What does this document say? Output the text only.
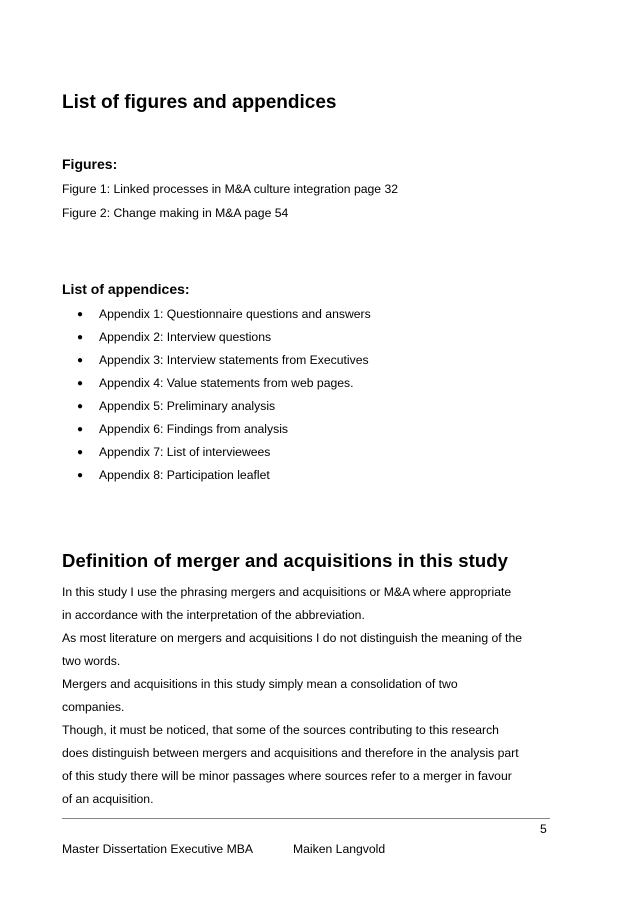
List of figures and appendices
Figures:
Figure 1: Linked processes in M&A culture integration page 32
Figure 2: Change making in M&A page 54
List of appendices:
● Appendix 1: Questionnaire questions and answers
● Appendix 2: Interview questions
● Appendix 3: Interview statements from Executives
● Appendix 4: Value statements from web pages.
● Appendix 5: Preliminary analysis
● Appendix 6: Findings from analysis
● Appendix 7: List of interviewees
● Appendix 8: Participation leaflet
Definition of merger and acquisitions in this study
In this study I use the phrasing mergers and acquisitions or M&A where appropriate
in accordance with the interpretation of the abbreviation.
As most literature on mergers and acquisitions I do not distinguish the meaning of the
two words.
Mergers and acquisitions in this study simply mean a consolidation of two
companies.
Though, it must be noticed, that some of the sources contributing to this research
does distinguish between mergers and acquisitions and therefore in the analysis part
of this study there will be minor passages where sources refer to a merger in favour
of an acquisition.
5
Master Dissertation Executive MBA	Maiken Langvold
